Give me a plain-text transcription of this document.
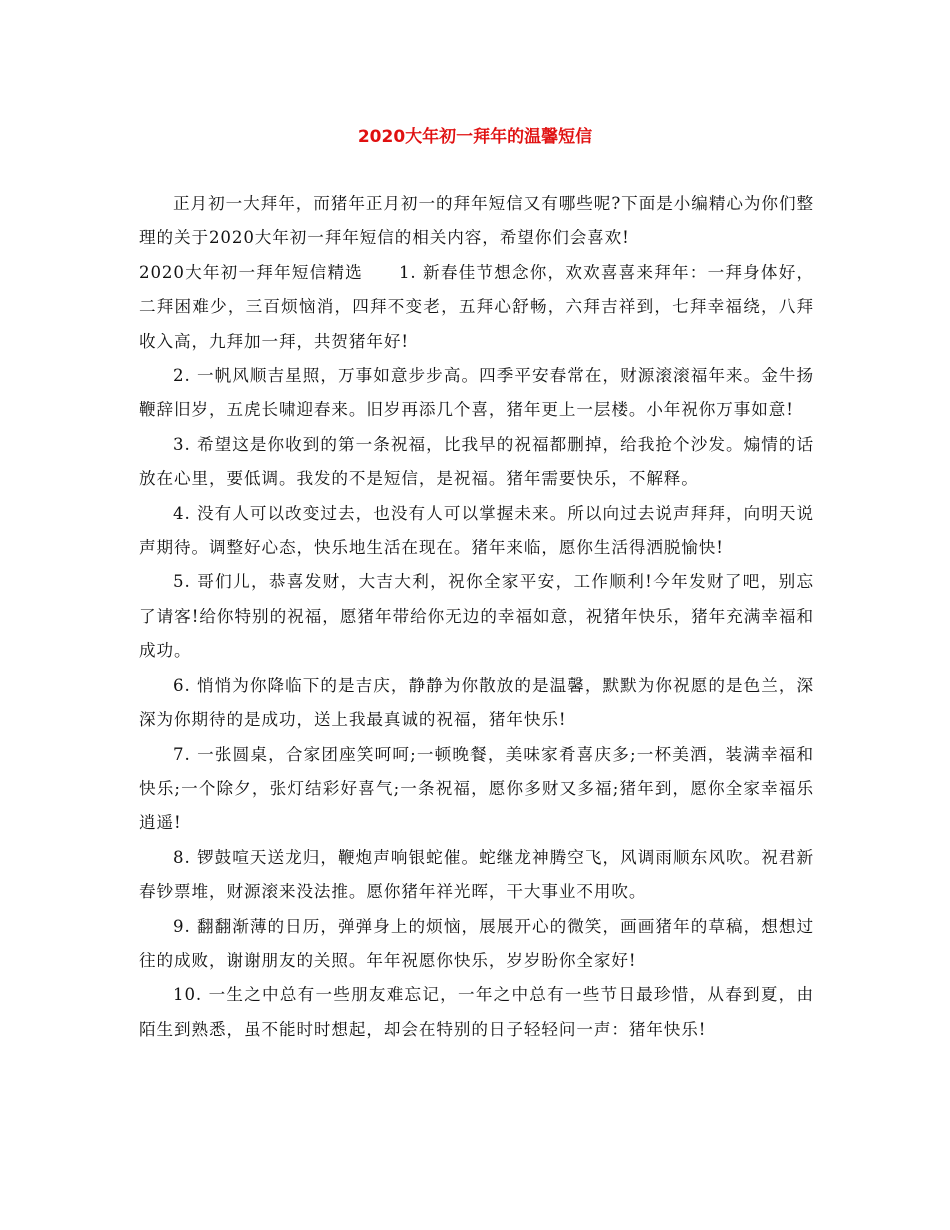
2020大年初一拜年的温馨短信

正月初一大拜年，而猪年正月初一的拜年短信又有哪些呢?下面是小编精心为你们整理的关于2020大年初一拜年短信的相关内容，希望你们会喜欢!

2020大年初一拜年短信精选 1. 新春佳节想念你，欢欢喜喜来拜年：一拜身体好，二拜困难少，三百烦恼消，四拜不变老，五拜心舒畅，六拜吉祥到，七拜幸福绕，八拜收入高，九拜加一拜，共贺猪年好!

2. 一帆风顺吉星照，万事如意步步高。四季平安春常在，财源滚滚福年来。金牛扬鞭辞旧岁，五虎长啸迎春来。旧岁再添几个喜，猪年更上一层楼。小年祝你万事如意!

3. 希望这是你收到的第一条祝福，比我早的祝福都删掉，给我抢个沙发。煽情的话放在心里，要低调。我发的不是短信，是祝福。猪年需要快乐，不解释。

4. 没有人可以改变过去，也没有人可以掌握未来。所以向过去说声拜拜，向明天说声期待。调整好心态，快乐地生活在现在。猪年来临，愿你生活得洒脱愉快!

5. 哥们儿，恭喜发财，大吉大利，祝你全家平安，工作顺利!今年发财了吧，别忘了请客!给你特别的祝福，愿猪年带给你无边的幸福如意，祝猪年快乐，猪年充满幸福和成功。

6. 悄悄为你降临下的是吉庆，静静为你散放的是温馨，默默为你祝愿的是色兰，深深为你期待的是成功，送上我最真诚的祝福，猪年快乐!

7. 一张圆桌，合家团座笑呵呵;一顿晚餐，美味家肴喜庆多;一杯美酒，装满幸福和快乐;一个除夕，张灯结彩好喜气;一条祝福，愿你多财又多福;猪年到，愿你全家幸福乐逍遥!

8. 锣鼓喧天送龙归，鞭炮声响银蛇催。蛇继龙神腾空飞，风调雨顺东风吹。祝君新春钞票堆，财源滚来没法推。愿你猪年祥光晖，干大事业不用吹。

9. 翻翻渐薄的日历，弹弹身上的烦恼，展展开心的微笑，画画猪年的草稿，想想过往的成败，谢谢朋友的关照。年年祝愿你快乐，岁岁盼你全家好!

10. 一生之中总有一些朋友难忘记，一年之中总有一些节日最珍惜，从春到夏，由陌生到熟悉，虽不能时时想起，却会在特别的日子轻轻问一声：猪年快乐!
